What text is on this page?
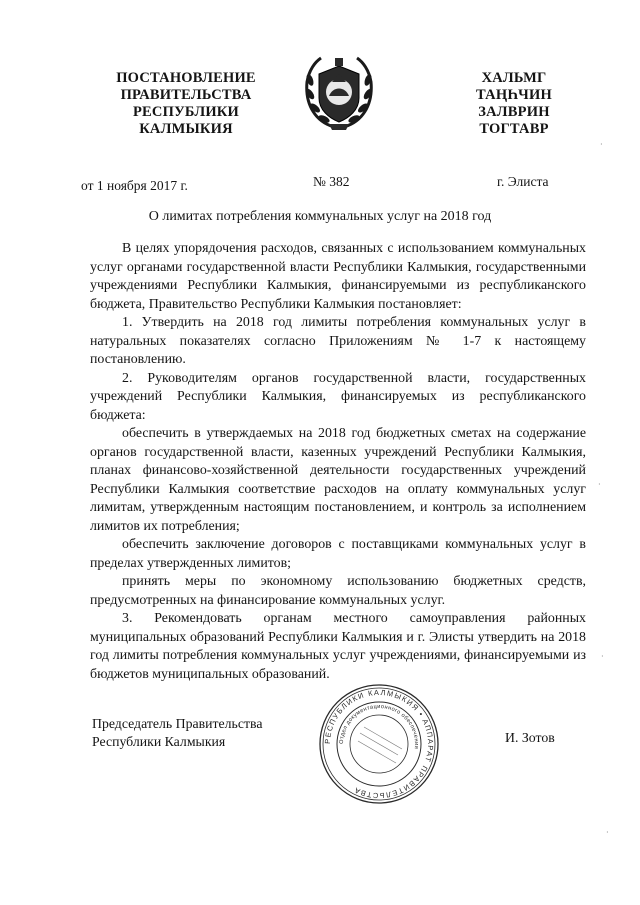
ПОСТАНОВЛЕНИЕ
ПРАВИТЕЛЬСТВА
РЕСПУБЛИКИ
КАЛМЫКИЯ
ХАЛЬМГ
ТАҢҺЧИН
ЗАЛВРИН
ТОГТАВР
от 1 ноября 2017 г.	№ 382	г. Элиста
О лимитах потребления коммунальных услуг на 2018 год

В целях упорядочения расходов, связанных с использованием коммунальных услуг органами государственной власти Республики Калмыкия, государственными учреждениями Республики Калмыкия, финансируемыми из республиканского бюджета, Правительство Республики Калмыкия постановляет:

1. Утвердить на 2018 год лимиты потребления коммунальных услуг в натуральных показателях согласно Приложениям № 1-7 к настоящему постановлению.

2. Руководителям органов государственной власти, государственных учреждений Республики Калмыкия, финансируемых из республиканского бюджета:

обеспечить в утверждаемых на 2018 год бюджетных сметах на содержание органов государственной власти, казенных учреждений Республики Калмыкия, планах финансово-хозяйственной деятельности государственных учреждений Республики Калмыкия соответствие расходов на оплату коммунальных услуг лимитам, утвержденным настоящим постановлением, и контроль за исполнением лимитов их потребления;

обеспечить заключение договоров с поставщиками коммунальных услуг в пределах утвержденных лимитов;

принять меры по экономному использованию бюджетных средств, предусмотренных на финансирование коммунальных услуг.

3. Рекомендовать органам местного самоуправления районных муниципальных образований Республики Калмыкия и г. Элисты утвердить на 2018 год лимиты потребления коммунальных услуг учреждениями, финансируемыми из бюджетов муниципальных образований.

Председатель Правительства
Республики Калмыкия	РЕСПУБЛИКИ КАЛМЫКИЯ • АППАРАТ ПРАВИТЕЛЬСТВА
Отдел документационного обеспечения
И. Зотов
·
·
·
·
